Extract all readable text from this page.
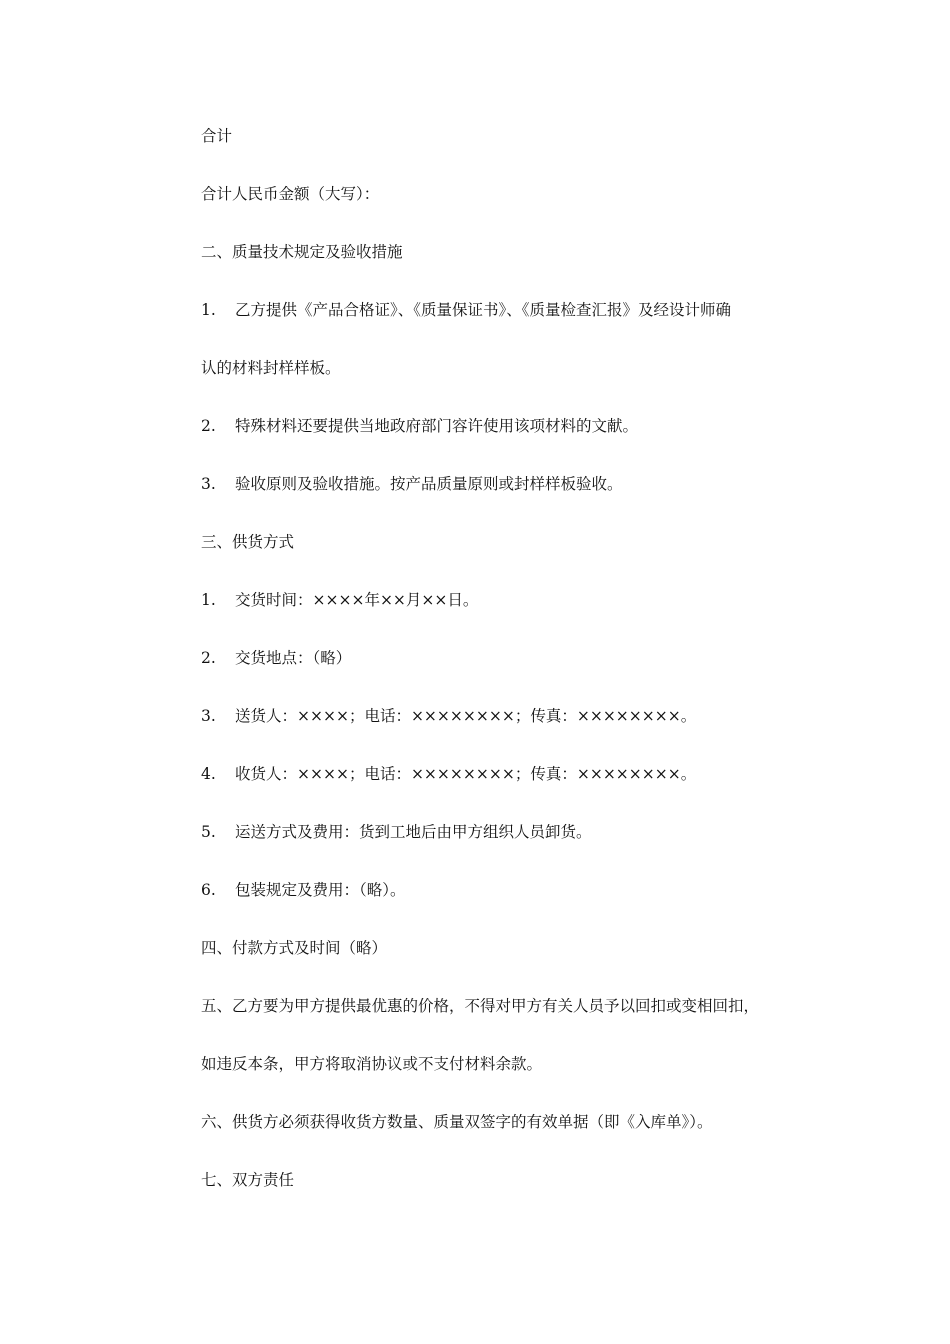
合计
合计人民币金额（大写）：
二、质量技术规定及验收措施
1. 乙方提供《产品合格证》、《质量保证书》、《质量检查汇报》及经设计师确
认的材料封样样板。
2. 特殊材料还要提供当地政府部门容许使用该项材料的文献。
3. 验收原则及验收措施。按产品质量原则或封样样板验收。
三、供货方式
1. 交货时间：××××年××月××日。
2. 交货地点：（略）
3. 送货人：××××；电话：××××××××；传真：××××××××。
4. 收货人：××××；电话：××××××××；传真：××××××××。
5. 运送方式及费用：货到工地后由甲方组织人员卸货。
6. 包装规定及费用：（略）。
四、付款方式及时间（略）
五、乙方要为甲方提供最优惠的价格，不得对甲方有关人员予以回扣或变相回扣，
如违反本条，甲方将取消协议或不支付材料余款。
六、供货方必须获得收货方数量、质量双签字的有效单据（即《入库单》）。
七、双方责任
